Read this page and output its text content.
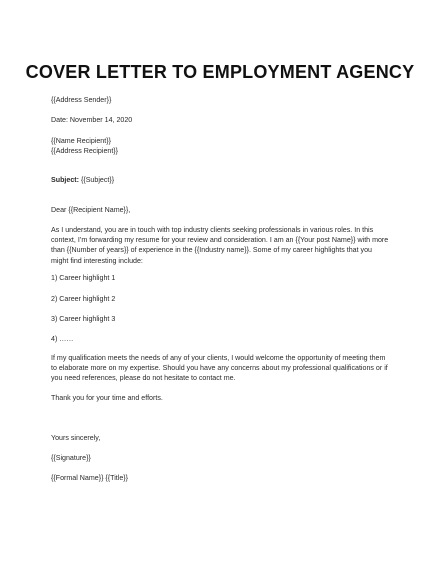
COVER LETTER TO EMPLOYMENT AGENCY

{{Address Sender}}

Date: November 14, 2020

{{Name Recipient}}

{{Address Recipient}}

Subject: {{Subject}}

Dear {{Recipient Name}},

As I understand, you are in touch with top industry clients seeking professionals in various roles. In this context, I’m forwarding my resume for your review and consideration. I am an {{Your post Name}} with more than {{Number of years}} of experience in the {{Industry name}}. Some of my career highlights that you might find interesting include:

1) Career highlight 1

2) Career highlight 2

3) Career highlight 3

4) ……

If my qualification meets the needs of any of your clients, I would welcome the opportunity of meeting them to elaborate more on my expertise. Should you have any concerns about my professional qualifications or if you need references, please do not hesitate to contact me.

Thank you for your time and efforts.

Yours sincerely,

{{Signature}}

{{Formal Name}} {{Title}}
